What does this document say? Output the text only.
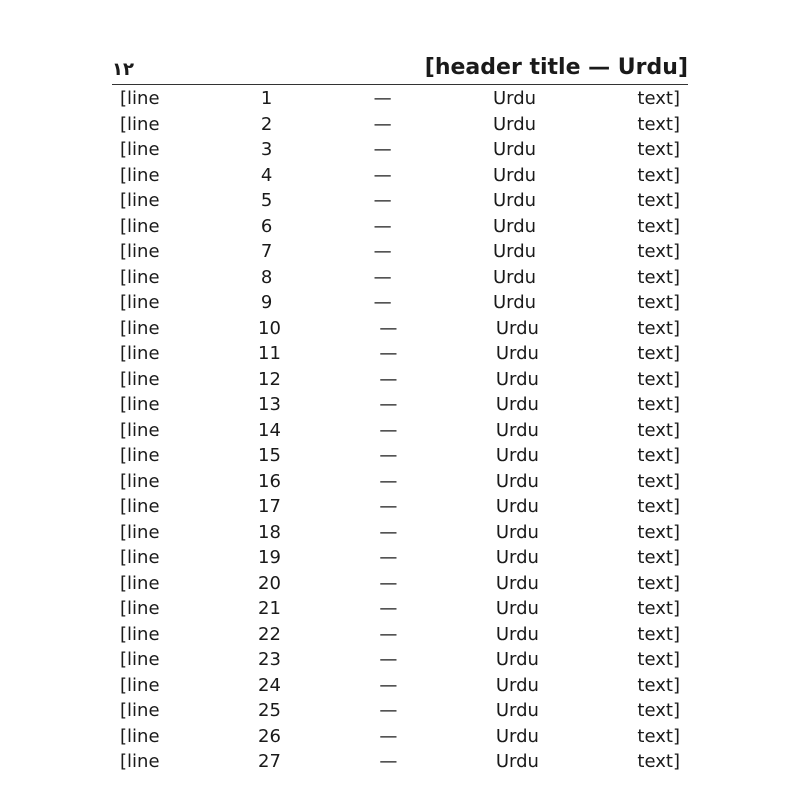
۱۲	[header title — Urdu]
[line 1 — Urdu text]
[line 2 — Urdu text]
[line 3 — Urdu text]
[line 4 — Urdu text]
[line 5 — Urdu text]
[line 6 — Urdu text]
[line 7 — Urdu text]
[line 8 — Urdu text]
[line 9 — Urdu text]
[line 10 — Urdu text]
[line 11 — Urdu text]
[line 12 — Urdu text]
[line 13 — Urdu text]
[line 14 — Urdu text]
[line 15 — Urdu text]
[line 16 — Urdu text]
[line 17 — Urdu text]
[line 18 — Urdu text]
[line 19 — Urdu text]
[line 20 — Urdu text]
[line 21 — Urdu text]
[line 22 — Urdu text]
[line 23 — Urdu text]
[line 24 — Urdu text]
[line 25 — Urdu text]
[line 26 — Urdu text]
[line 27 — Urdu text]
